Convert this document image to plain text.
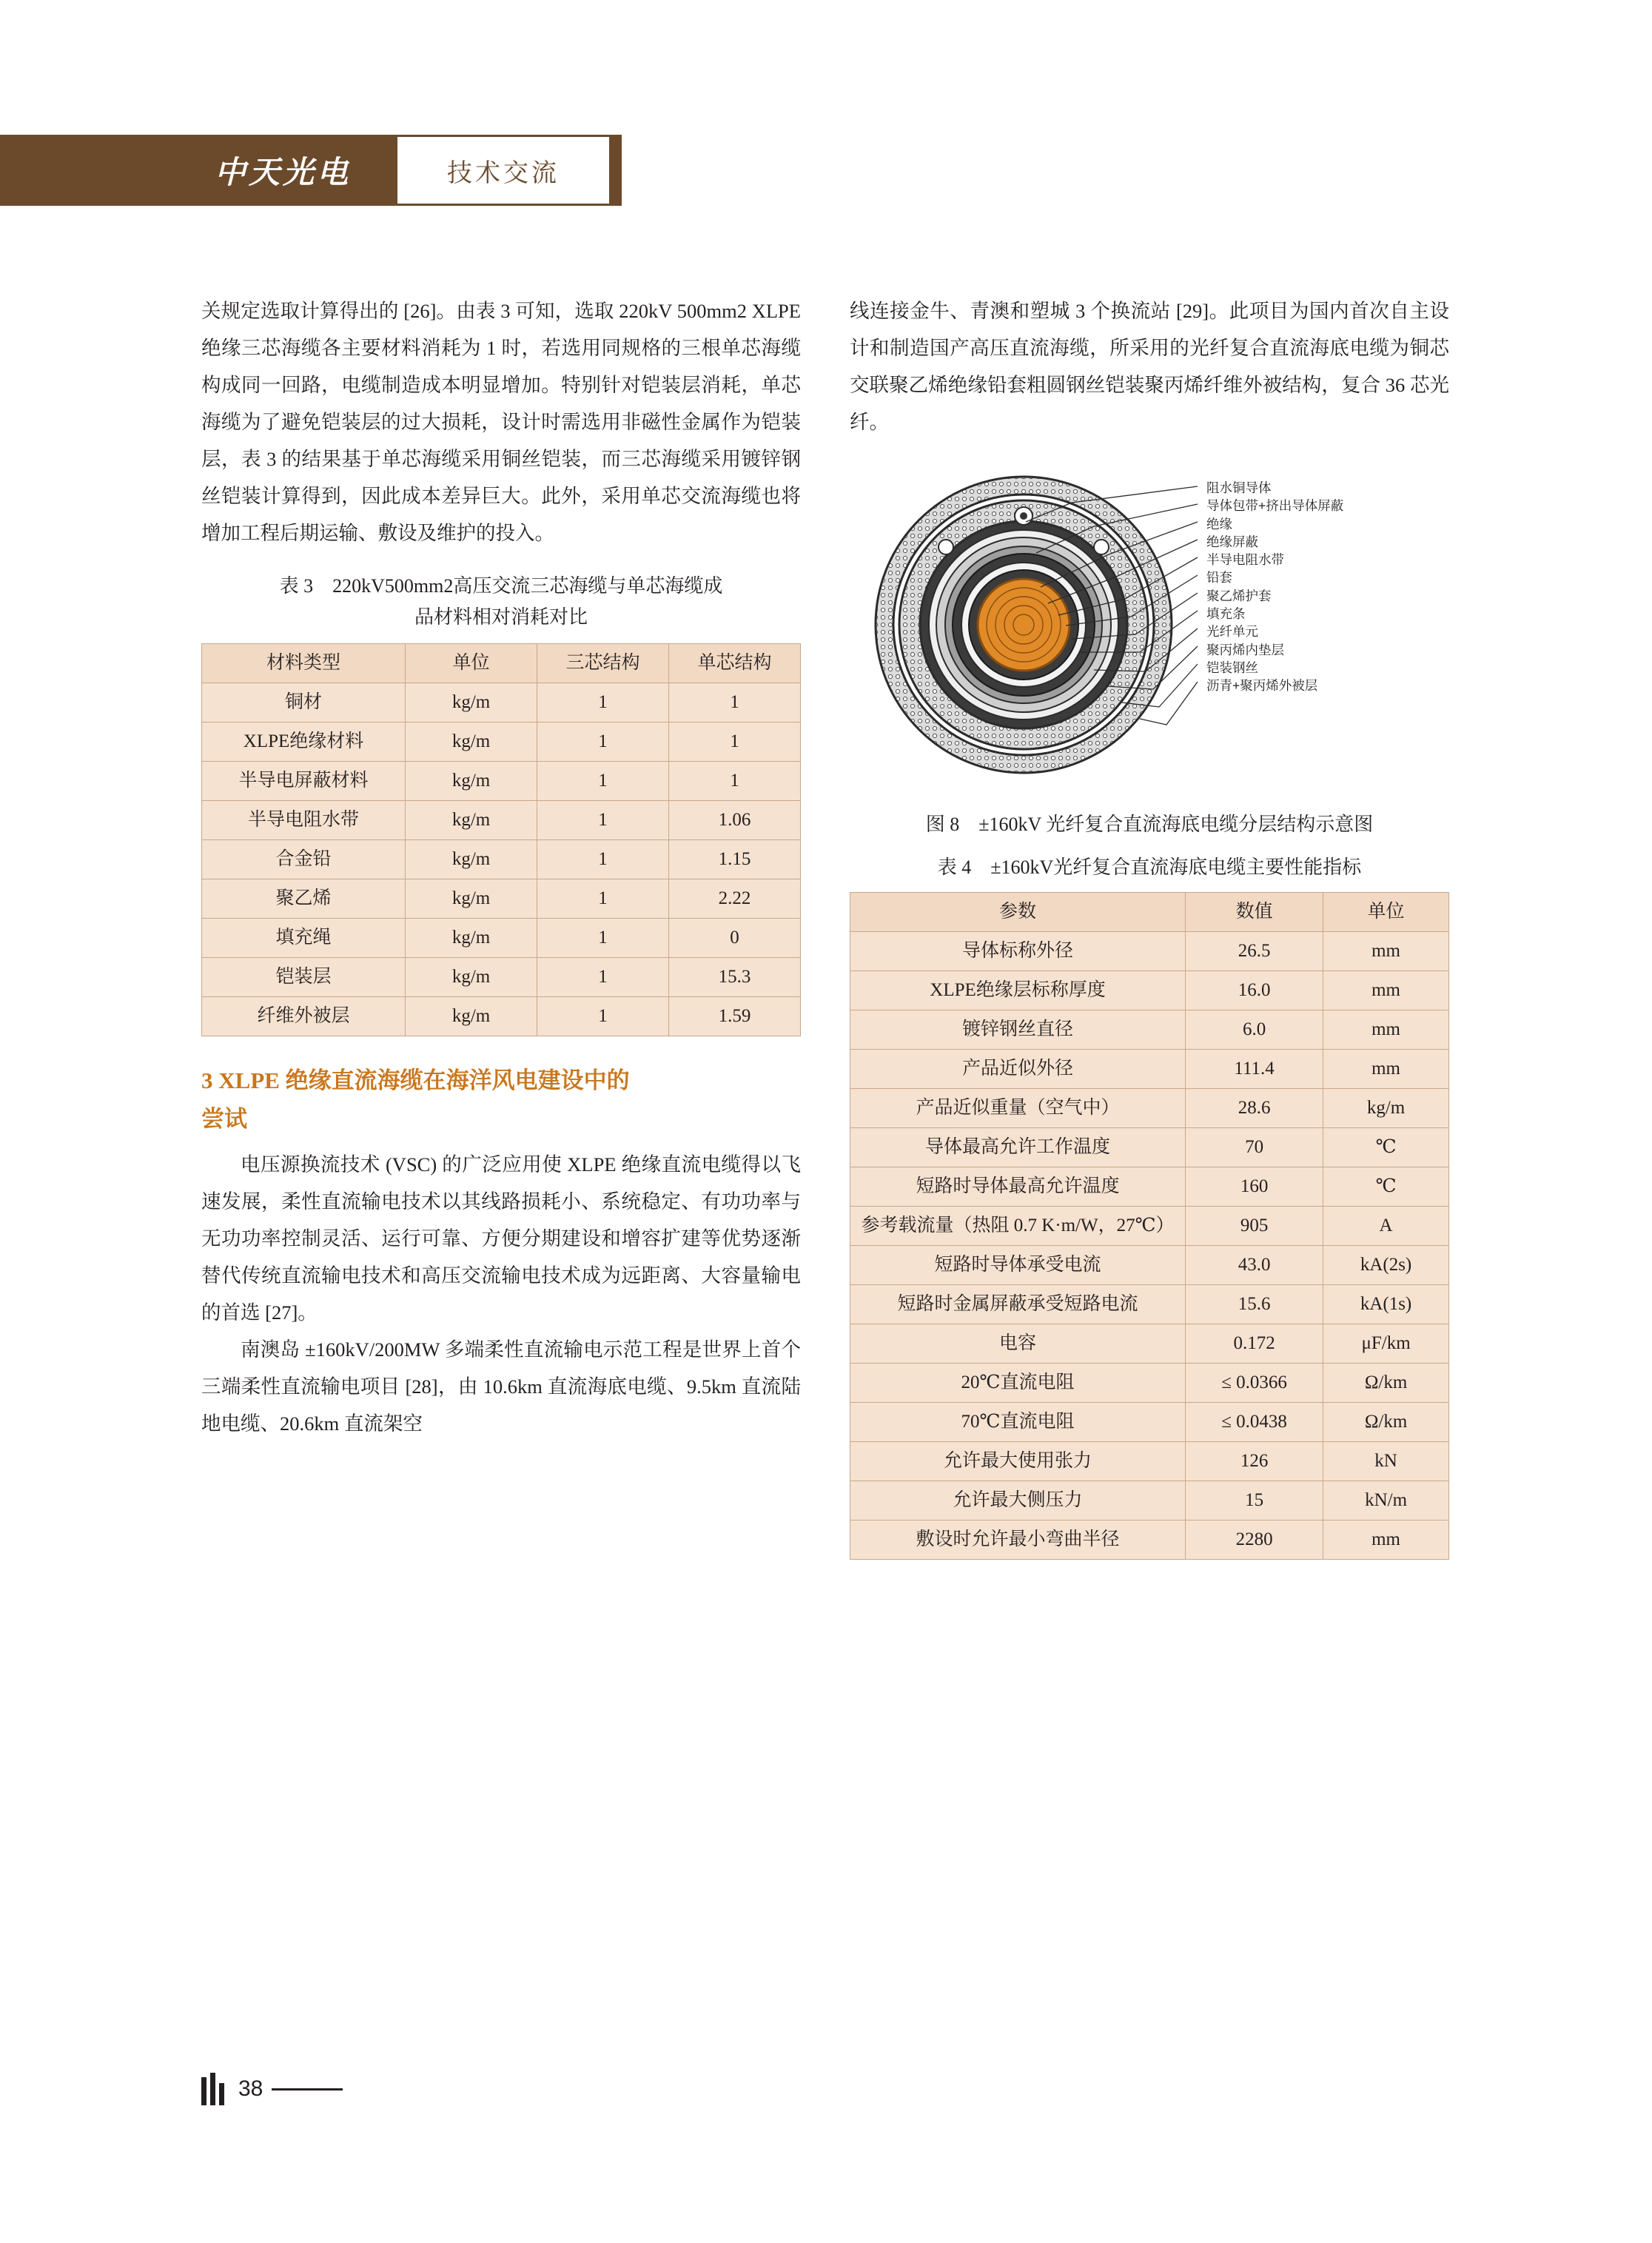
中天光电	技术交流

关规定选取计算得出的 [26]。由表 3 可知，选取 220kV 500mm2 XLPE 绝缘三芯海缆各主要材料消耗为 1 时，若选用同规格的三根单芯海缆构成同一回路，电缆制造成本明显增加。特别针对铠装层消耗，单芯海缆为了避免铠装层的过大损耗，设计时需选用非磁性金属作为铠装层，表 3 的结果基于单芯海缆采用铜丝铠装，而三芯海缆采用镀锌钢丝铠装计算得到，因此成本差异巨大。此外，采用单芯交流海缆也将增加工程后期运输、敷设及维护的投入。

表 3　220kV500mm2高压交流三芯海缆与单芯海缆成
品材料相对消耗对比
材料类型	单位	三芯结构	单芯结构
铜材	kg/m	1	1
XLPE绝缘材料	kg/m	1	1
半导电屏蔽材料	kg/m	1	1
半导电阻水带	kg/m	1	1.06
合金铅	kg/m	1	1.15
聚乙烯	kg/m	1	2.22
填充绳	kg/m	1	0
铠装层	kg/m	1	15.3
纤维外被层	kg/m	1	1.59
3 XLPE 绝缘直流海缆在海洋风电建设中的
尝试

电压源换流技术 (VSC) 的广泛应用使 XLPE 绝缘直流电缆得以飞速发展，柔性直流输电技术以其线路损耗小、系统稳定、有功功率与无功功率控制灵活、运行可靠、方便分期建设和增容扩建等优势逐渐替代传统直流输电技术和高压交流输电技术成为远距离、大容量输电的首选 [27]。

南澳岛 ±160kV/200MW 多端柔性直流输电示范工程是世界上首个三端柔性直流输电项目 [28]，由 10.6km 直流海底电缆、9.5km 直流陆地电缆、20.6km 直流架空

线连接金牛、青澳和塑城 3 个换流站 [29]。此项目为国内首次自主设计和制造国产高压直流海缆，所采用的光纤复合直流海底电缆为铜芯交联聚乙烯绝缘铅套粗圆钢丝铠装聚丙烯纤维外被结构，复合 36 芯光纤。

阻水铜导体
导体包带+挤出导体屏蔽
绝缘
绝缘屏蔽
半导电阻水带
铅套
聚乙烯护套
填充条
光纤单元
聚丙烯内垫层
铠装钢丝
沥青+聚丙烯外被层
图 8　±160kV 光纤复合直流海底电缆分层结构示意图
表 4　±160kV光纤复合直流海底电缆主要性能指标
参数	数值	单位
导体标称外径	26.5	mm
XLPE绝缘层标称厚度	16.0	mm
镀锌钢丝直径	6.0	mm
产品近似外径	111.4	mm
产品近似重量（空气中）	28.6	kg/m
导体最高允许工作温度	70	℃
短路时导体最高允许温度	160	℃
参考载流量（热阻 0.7 K·m/W，27℃）	905	A
短路时导体承受电流	43.0	kA(2s)
短路时金属屏蔽承受短路电流	15.6	kA(1s)
电容	0.172	μF/km
20℃直流电阻	≤ 0.0366	Ω/km
70℃直流电阻	≤ 0.0438	Ω/km
允许最大使用张力	126	kN
允许最大侧压力	15	kN/m
敷设时允许最小弯曲半径	2280	mm
38
